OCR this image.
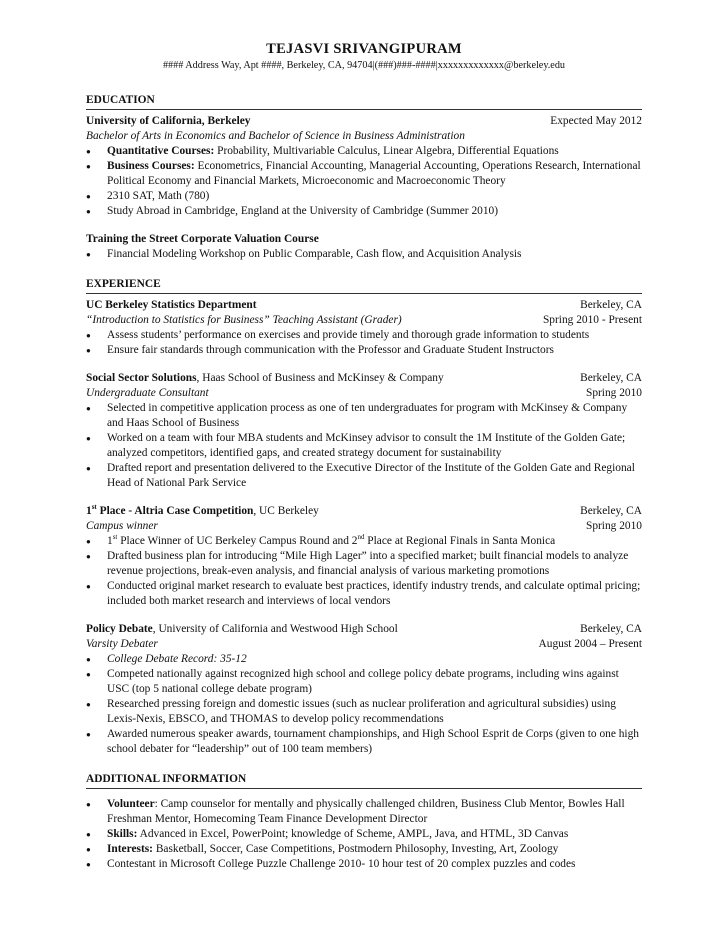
TEJASVI SRIVANGIPURAM
#### Address Way, Apt ####, Berkeley, CA, 94704|(###)###-####|xxxxxxxxxxxxx@berkeley.edu
EDUCATION
University of California, Berkeley	Expected May 2012
Bachelor of Arts in Economics and Bachelor of Science in Business Administration
● Quantitative Courses: Probability, Multivariable Calculus, Linear Algebra, Differential Equations
● Business Courses: Econometrics, Financial Accounting, Managerial Accounting, Operations Research, International Political Economy and Financial Markets, Microeconomic and Macroeconomic Theory
● 2310 SAT, Math (780)
● Study Abroad in Cambridge, England at the University of Cambridge (Summer 2010)
Training the Street Corporate Valuation Course
● Financial Modeling Workshop on Public Comparable, Cash flow, and Acquisition Analysis
EXPERIENCE
UC Berkeley Statistics Department	Berkeley, CA
“Introduction to Statistics for Business” Teaching Assistant (Grader)	Spring 2010 - Present
● Assess students’ performance on exercises and provide timely and thorough grade information to students
● Ensure fair standards through communication with the Professor and Graduate Student Instructors
Social Sector Solutions, Haas School of Business and McKinsey & Company	Berkeley, CA
Undergraduate Consultant	Spring 2010
● Selected in competitive application process as one of ten undergraduates for program with McKinsey & Company and Haas School of Business
● Worked on a team with four MBA students and McKinsey advisor to consult the 1M Institute of the Golden Gate; analyzed competitors, identified gaps, and created strategy document for sustainability
● Drafted report and presentation delivered to the Executive Director of the Institute of the Golden Gate and Regional Head of National Park Service
1st Place - Altria Case Competition, UC Berkeley	Berkeley, CA
Campus winner	Spring 2010
● 1st Place Winner of UC Berkeley Campus Round and 2nd Place at Regional Finals in Santa Monica
● Drafted business plan for introducing “Mile High Lager” into a specified market; built financial models to analyze revenue projections, break-even analysis, and financial analysis of various marketing promotions
● Conducted original market research to evaluate best practices, identify industry trends, and calculate optimal pricing; included both market research and interviews of local vendors
Policy Debate, University of California and Westwood High School	Berkeley, CA
Varsity Debater	August 2004 – Present
● College Debate Record: 35-12
● Competed nationally against recognized high school and college policy debate programs, including wins against USC (top 5 national college debate program)
● Researched pressing foreign and domestic issues (such as nuclear proliferation and agricultural subsidies) using Lexis-Nexis, EBSCO, and THOMAS to develop policy recommendations
● Awarded numerous speaker awards, tournament championships, and High School Esprit de Corps (given to one high school debater for “leadership” out of 100 team members)
ADDITIONAL INFORMATION
● Volunteer: Camp counselor for mentally and physically challenged children, Business Club Mentor, Bowles Hall Freshman Mentor, Homecoming Team Finance Development Director
● Skills: Advanced in Excel, PowerPoint; knowledge of Scheme, AMPL, Java, and HTML, 3D Canvas
● Interests: Basketball, Soccer, Case Competitions, Postmodern Philosophy, Investing, Art, Zoology
● Contestant in Microsoft College Puzzle Challenge 2010- 10 hour test of 20 complex puzzles and codes
